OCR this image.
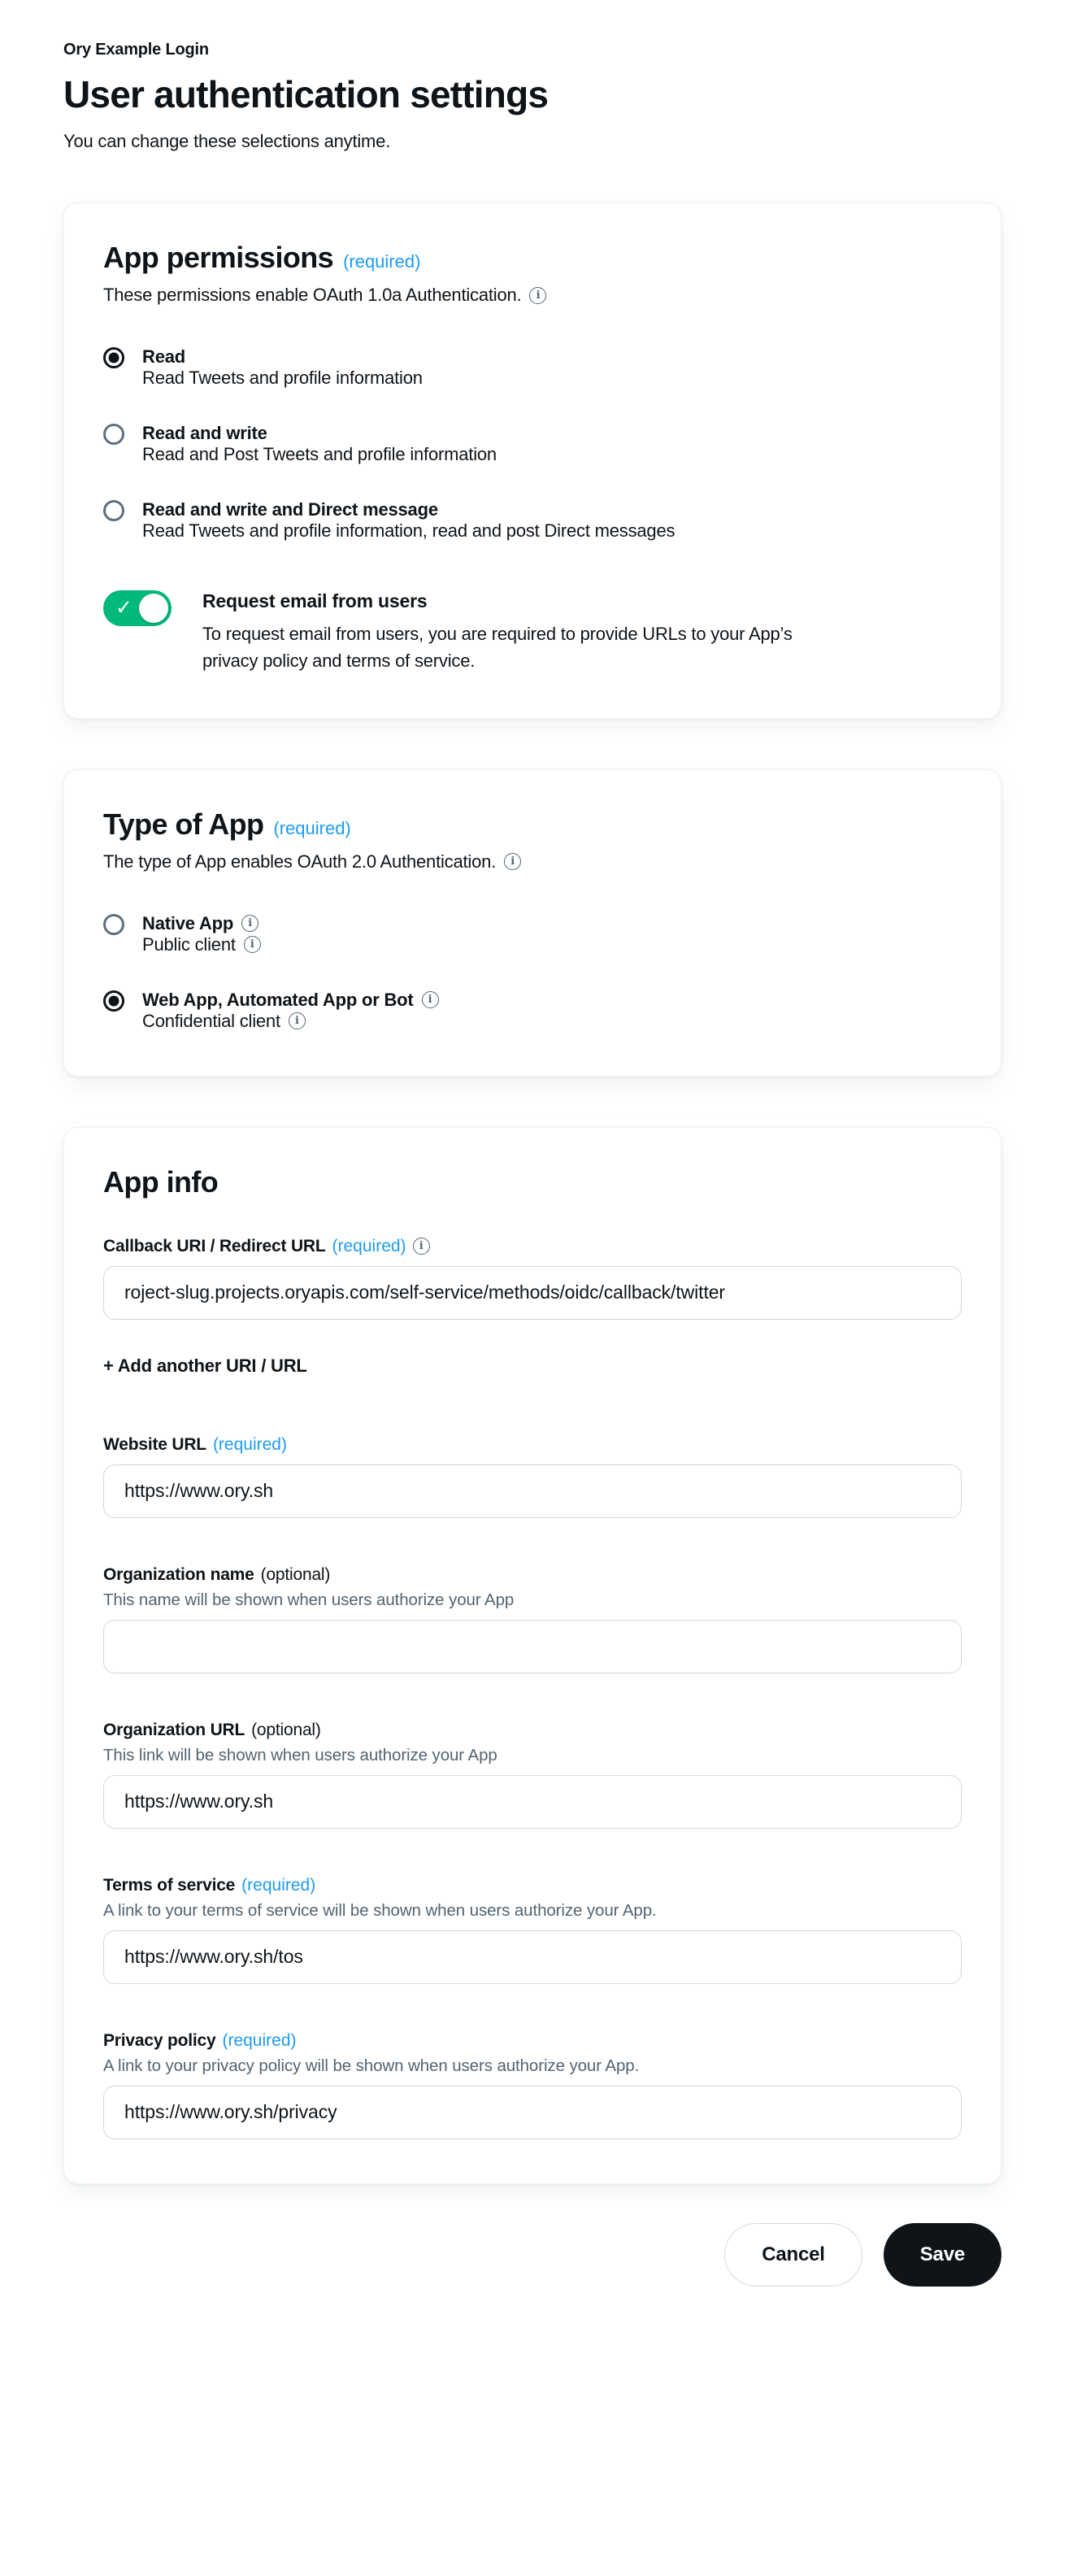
Ory Example Login
User authentication settings
You can change these selections anytime.
App permissions (required)
These permissions enable OAuth 1.0a Authentication.	i
Read
Read Tweets and profile information
Read and write
Read and Post Tweets and profile information
Read and write and Direct message
Read Tweets and profile information, read and post Direct messages
✓	Request email from users
To request email from users, you are required to provide URLs to your App’s privacy policy and terms of service.
Type of App (required)
The type of App enables OAuth 2.0 Authentication.	i
Native App	i
Public client	i
Web App, Automated App or Bot	i
Confidential client	i
App info
Callback URI / Redirect URL (required)	i
roject-slug.projects.oryapis.com/self-service/methods/oidc/callback/twitter
+ Add another URI / URL
Website URL (required)
https://www.ory.sh
Organization name (optional)
This name will be shown when users authorize your App
Organization URL (optional)
This link will be shown when users authorize your App
https://www.ory.sh
Terms of service (required)
A link to your terms of service will be shown when users authorize your App.
https://www.ory.sh/tos
Privacy policy (required)
A link to your privacy policy will be shown when users authorize your App.
https://www.ory.sh/privacy
Cancel	Save
